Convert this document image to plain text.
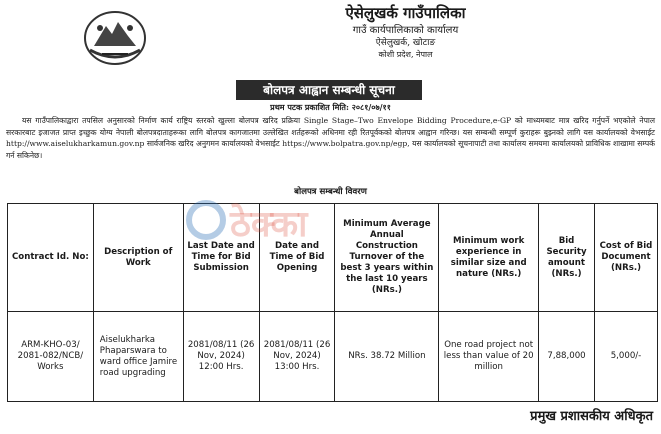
ऐसेलुखर्क गाउँपालिका
गाउँ कार्यपालिकाको कार्यालय
ऐसेलुखर्क, खोटाङ
कोशी प्रदेश, नेपाल
बोलपत्र आह्वान सम्बन्धी सूचना
प्रथम पटक प्रकाशित मिति: २०८१/०७/११
यस गाउँपालिकाद्वारा तपसिल अनुसारको निर्माण कार्य राष्ट्रिय स्तरको खुल्ला बोलपत्र खरिद प्रक्रिया Single Stage–Two Envelope Bidding Procedure,e-GP को माध्यमबाट मात्र खरिद गर्नुपर्ने भएकोले नेपाल सरकारबाट इजाजत प्राप्त इच्छुक योग्य नेपाली बोलपत्रदाताहरूका लागि बोलपत्र कागजातमा उल्लेखित शर्तहरूको अधिनमा रही रितपूर्वकको बोलपत्र आह्वान गरिन्छ। यस सम्बन्धी सम्पूर्ण कुराहरू बुझ्नको लागि यस कार्यालयको वेभसाईट http://www.aiselukharkamun.gov.np सार्वजनिक खरिद अनुगमन कार्यालयको वेभसाईट https://www.bolpatra.gov.np/egp, यस कार्यालयको सूचनापाटी तथा कार्यालय समयमा कार्यालयको प्राविधिक शाखामा सम्पर्क गर्न सकिनेछ।
बोलपत्र सम्बन्धी विवरण
Contract Id. No:	Description of Work	Last Date and Time for Bid Submission	Date and Time of Bid Opening	Minimum Average Annual Construction Turnover of the best 3 years within the last 10 years (NRs.)	Minimum work experience in similar size and nature (NRs.)	Bid Security amount (NRs.)	Cost of Bid Document (NRs.)
ARM-KHO-03/ 2081-082/NCB/ Works	Aiselukharka Phaparswara to ward office Jamire road upgrading	2081/08/11 (26 Nov, 2024) 12:00 Hrs.	2081/08/11 (26 Nov, 2024) 13:00 Hrs.	NRs. 38.72 Million	One road project not less than value of 20 million	7,88,000	5,000/-
ठेक्का
प्रमुख प्रशासकीय अधिकृत
